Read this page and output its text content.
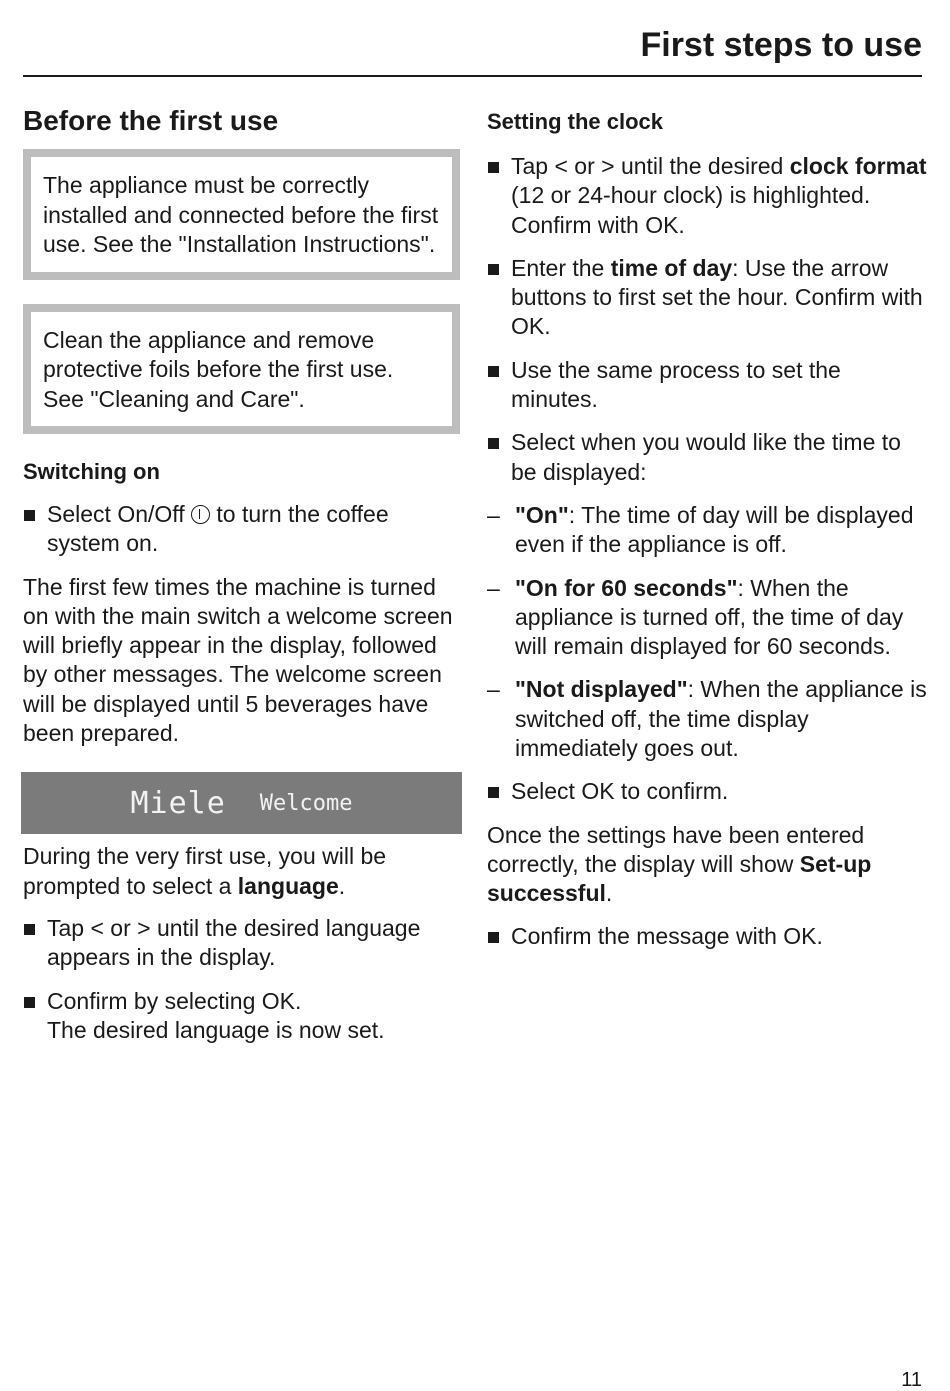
First steps to use
Before the first use
The appliance must be correctly installed and connected before the first use. See the "Installation Instructions".
Clean the appliance and remove protective foils before the first use. See "Cleaning and Care".
Switching on
Select On/Off to turn the coffee system on.

The first few times the machine is turned on with the main switch a welcome screen will briefly appear in the display, followed by other messages. The welcome screen will be displayed until 5 beverages have been prepared.

Miele Welcome

During the very first use, you will be prompted to select a language.

Tap < or > until the desired language appears in the display.
Confirm by selecting OK.
The desired language is now set.
Setting the clock
Tap < or > until the desired clock format (12 or 24-hour clock) is highlighted. Confirm with OK.
Enter the time of day: Use the arrow buttons to first set the hour. Confirm with OK.
Use the same process to set the minutes.
Select when you would like the time to be displayed:
– "On": The time of day will be displayed even if the appliance is off.
– "On for 60 seconds": When the appliance is turned off, the time of day will remain displayed for 60 seconds.
– "Not displayed": When the appliance is switched off, the time display immediately goes out.
Select OK to confirm.

Once the settings have been entered correctly, the display will show Set-up successful.

Confirm the message with OK.
11
